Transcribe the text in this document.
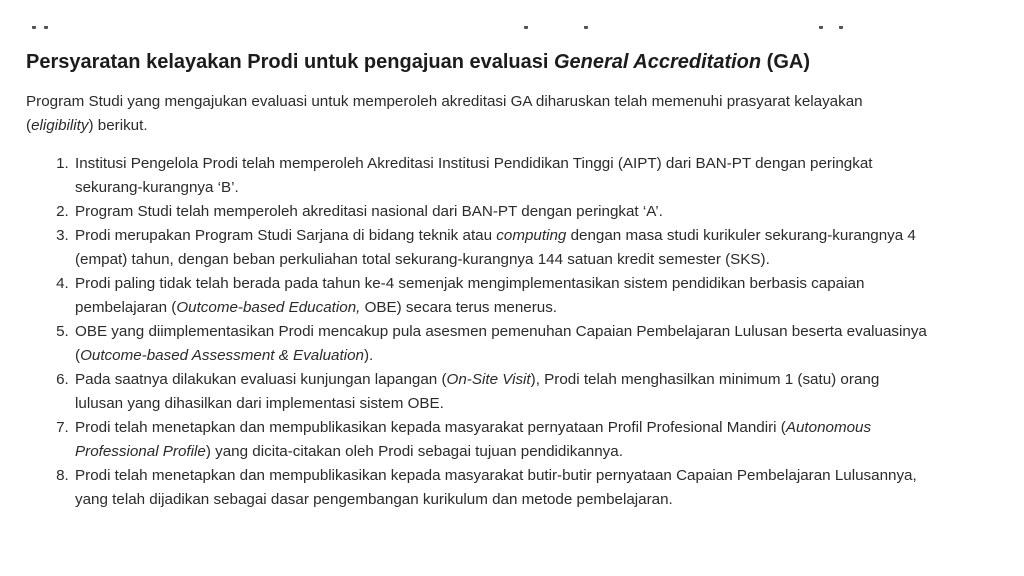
Persyaratan kelayakan Prodi untuk pengajuan evaluasi General Accreditation (GA)

Program Studi yang mengajukan evaluasi untuk memperoleh akreditasi GA diharuskan telah memenuhi prasyarat kelayakan (eligibility) berikut.

1. Institusi Pengelola Prodi telah memperoleh Akreditasi Institusi Pendidikan Tinggi (AIPT) dari BAN-PT dengan peringkat sekurang-kurangnya ‘B’.
2. Program Studi telah memperoleh akreditasi nasional dari BAN-PT dengan peringkat ‘A’.
3. Prodi merupakan Program Studi Sarjana di bidang teknik atau computing dengan masa studi kurikuler sekurang-kurangnya 4 (empat) tahun, dengan beban perkuliahan total sekurang-kurangnya 144 satuan kredit semester (SKS).
4. Prodi paling tidak telah berada pada tahun ke-4 semenjak mengimplementasikan sistem pendidikan berbasis capaian pembelajaran (Outcome-based Education, OBE) secara terus menerus.
5. OBE yang diimplementasikan Prodi mencakup pula asesmen pemenuhan Capaian Pembelajaran Lulusan beserta evaluasinya (Outcome-based Assessment & Evaluation).
6. Pada saatnya dilakukan evaluasi kunjungan lapangan (On-Site Visit), Prodi telah menghasilkan minimum 1 (satu) orang lulusan yang dihasilkan dari implementasi sistem OBE.
7. Prodi telah menetapkan dan mempublikasikan kepada masyarakat pernyataan Profil Profesional Mandiri (Autonomous Professional Profile) yang dicita-citakan oleh Prodi sebagai tujuan pendidikannya.
8. Prodi telah menetapkan dan mempublikasikan kepada masyarakat butir-butir pernyataan Capaian Pembelajaran Lulusannya, yang telah dijadikan sebagai dasar pengembangan kurikulum dan metode pembelajaran.
